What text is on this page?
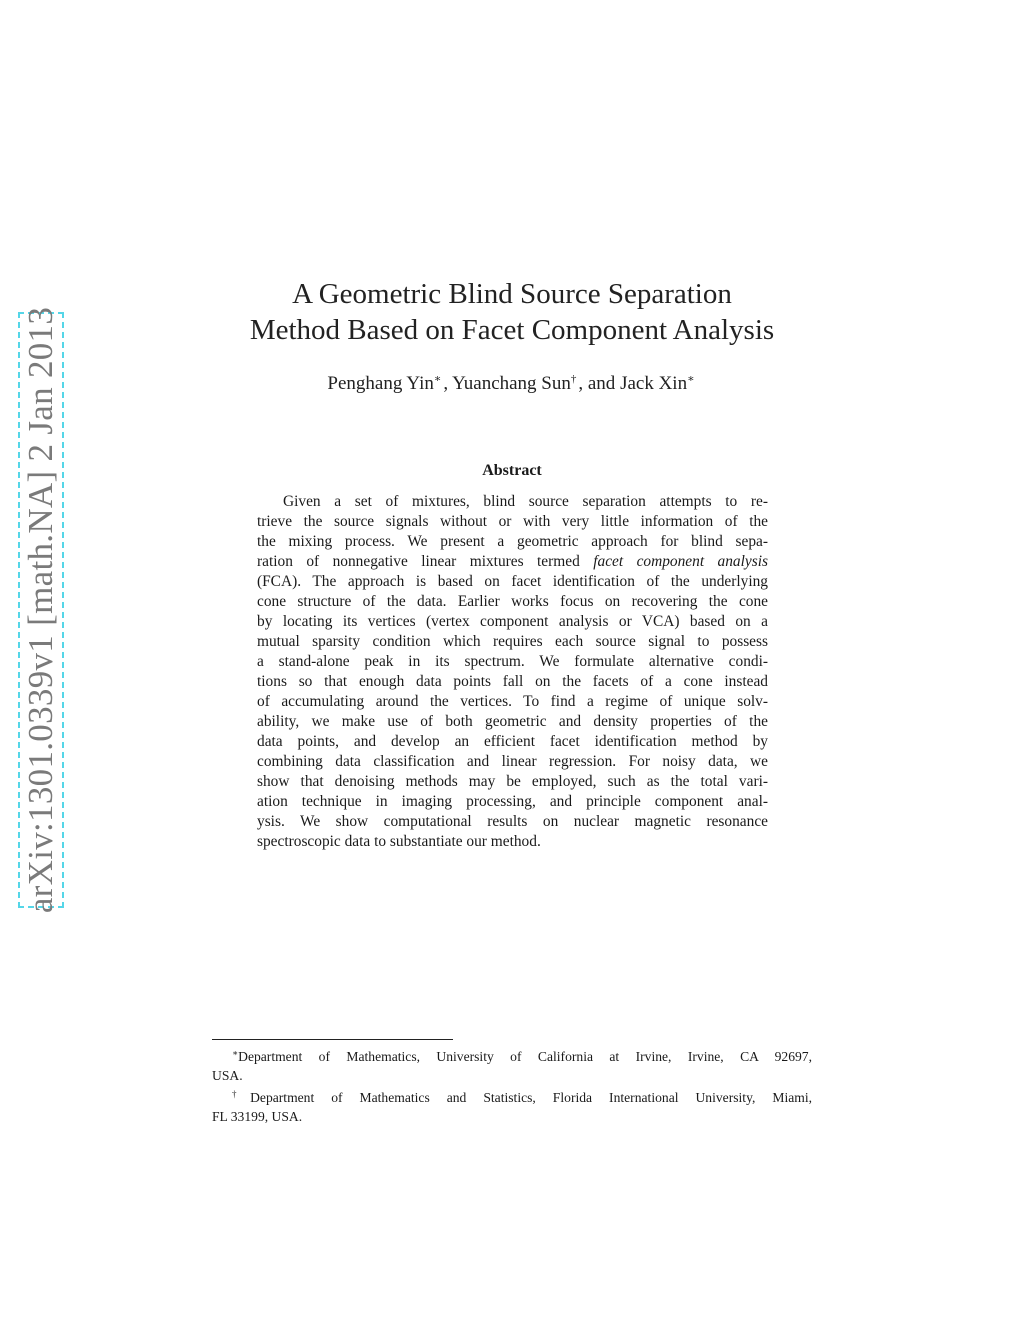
arXiv:1301.0339v1 [math.NA] 2 Jan 2013
A Geometric Blind Source Separation
Method Based on Facet Component Analysis
Penghang Yin∗ , Yuanchang Sun† , and Jack Xin∗
Abstract
Given a set of mixtures, blind source separation attempts to re-
trieve the source signals without or with very little information of the
the mixing process. We present a geometric approach for blind sepa-
ration of nonnegative linear mixtures termed facet component analysis
(FCA). The approach is based on facet identification of the underlying
cone structure of the data. Earlier works focus on recovering the cone
by locating its vertices (vertex component analysis or VCA) based on a
mutual sparsity condition which requires each source signal to possess
a stand-alone peak in its spectrum. We formulate alternative condi-
tions so that enough data points fall on the facets of a cone instead
of accumulating around the vertices. To find a regime of unique solv-
ability, we make use of both geometric and density properties of the
data points, and develop an efficient facet identification method by
combining data classification and linear regression. For noisy data, we
show that denoising methods may be employed, such as the total vari-
ation technique in imaging processing, and principle component anal-
ysis. We show computational results on nuclear magnetic resonance
spectroscopic data to substantiate our method.
∗Department of Mathematics, University of California at Irvine, Irvine, CA 92697,
USA.
†Department of Mathematics and Statistics, Florida International University, Miami,
FL 33199, USA.
